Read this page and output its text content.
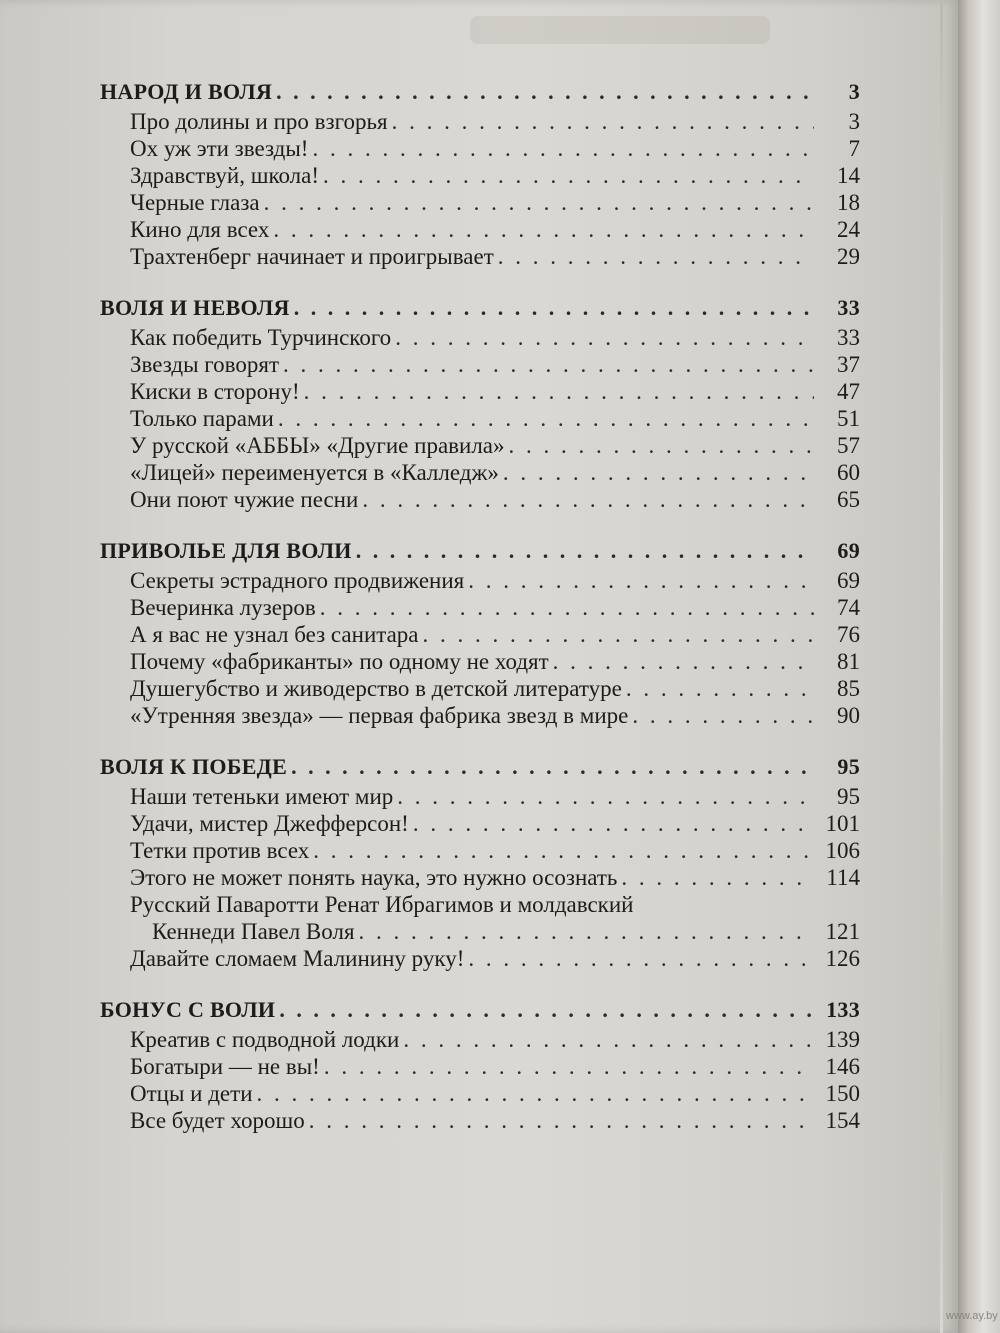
НАРОД И ВОЛЯ . . .	3
Про долины и про взгорья . . .	3
Ох уж эти звезды! . . .	7
Здравствуй, школа! . . .	14
Черные глаза . . .	18
Кино для всех . . .	24
Трахтенберг начинает и проигрывает . . .	29
ВОЛЯ И НЕВОЛЯ . . .	33
Как победить Турчинского . . .	33
Звезды говорят . . .	37
Киски в сторону! . . .	47
Только парами . . .	51
У русской «АББЫ» «Другие правила» . . .	57
«Лицей» переименуется в «Калледж» . . .	60
Они поют чужие песни . . .	65
ПРИВОЛЬЕ ДЛЯ ВОЛИ . . .	69
Секреты эстрадного продвижения . . .	69
Вечеринка лузеров . . .	74
А я вас не узнал без санитара . . .	76
Почему «фабриканты» по одному не ходят . . .	81
Душегубство и живодерство в детской литературе . . .	85
«Утренняя звезда» — первая фабрика звезд в мире . . .	90
ВОЛЯ К ПОБЕДЕ . . .	95
Наши тетеньки имеют мир . . .	95
Удачи, мистер Джефферсон! . . .	101
Тетки против всех . . .	106
Этого не может понять наука, это нужно осознать . . .	114
Русский Паваротти Ренат Ибрагимов и молдавский
Кеннеди Павел Воля . . .	121
Давайте сломаем Малинину руку! . . .	126
БОНУС С ВОЛИ . . .	133
Креатив с подводной лодки . . .	139
Богатыри — не вы! . . .	146
Отцы и дети . . .	150
Все будет хорошо . . .	154
www.ay.by
